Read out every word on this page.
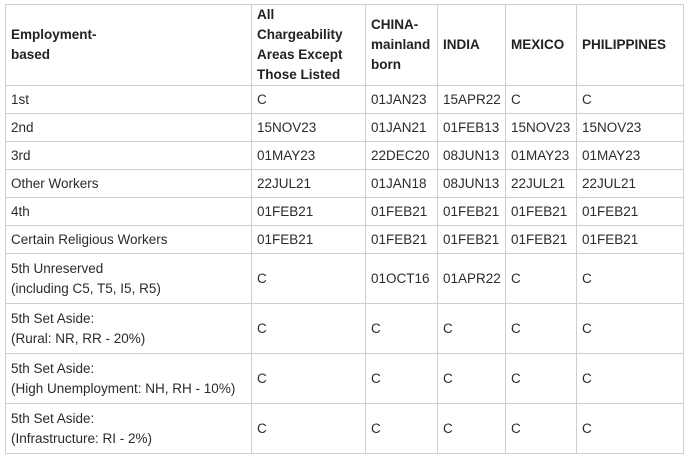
Employment-
based	All Chargeability Areas Except Those Listed	CHINA-mainland born	INDIA	MEXICO	PHILIPPINES
1st	C	01JAN23	15APR22	C	C
2nd	15NOV23	01JAN21	01FEB13	15NOV23	15NOV23
3rd	01MAY23	22DEC20	08JUN13	01MAY23	01MAY23
Other Workers	22JUL21	01JAN18	08JUN13	22JUL21	22JUL21
4th	01FEB21	01FEB21	01FEB21	01FEB21	01FEB21
Certain Religious Workers	01FEB21	01FEB21	01FEB21	01FEB21	01FEB21
5th Unreserved
(including C5, T5, I5, R5)	C	01OCT16	01APR22	C	C
5th Set Aside:
(Rural: NR, RR - 20%)	C	C	C	C	C
5th Set Aside:
(High Unemployment: NH, RH - 10%)	C	C	C	C	C
5th Set Aside:
(Infrastructure: RI - 2%)	C	C	C	C	C
